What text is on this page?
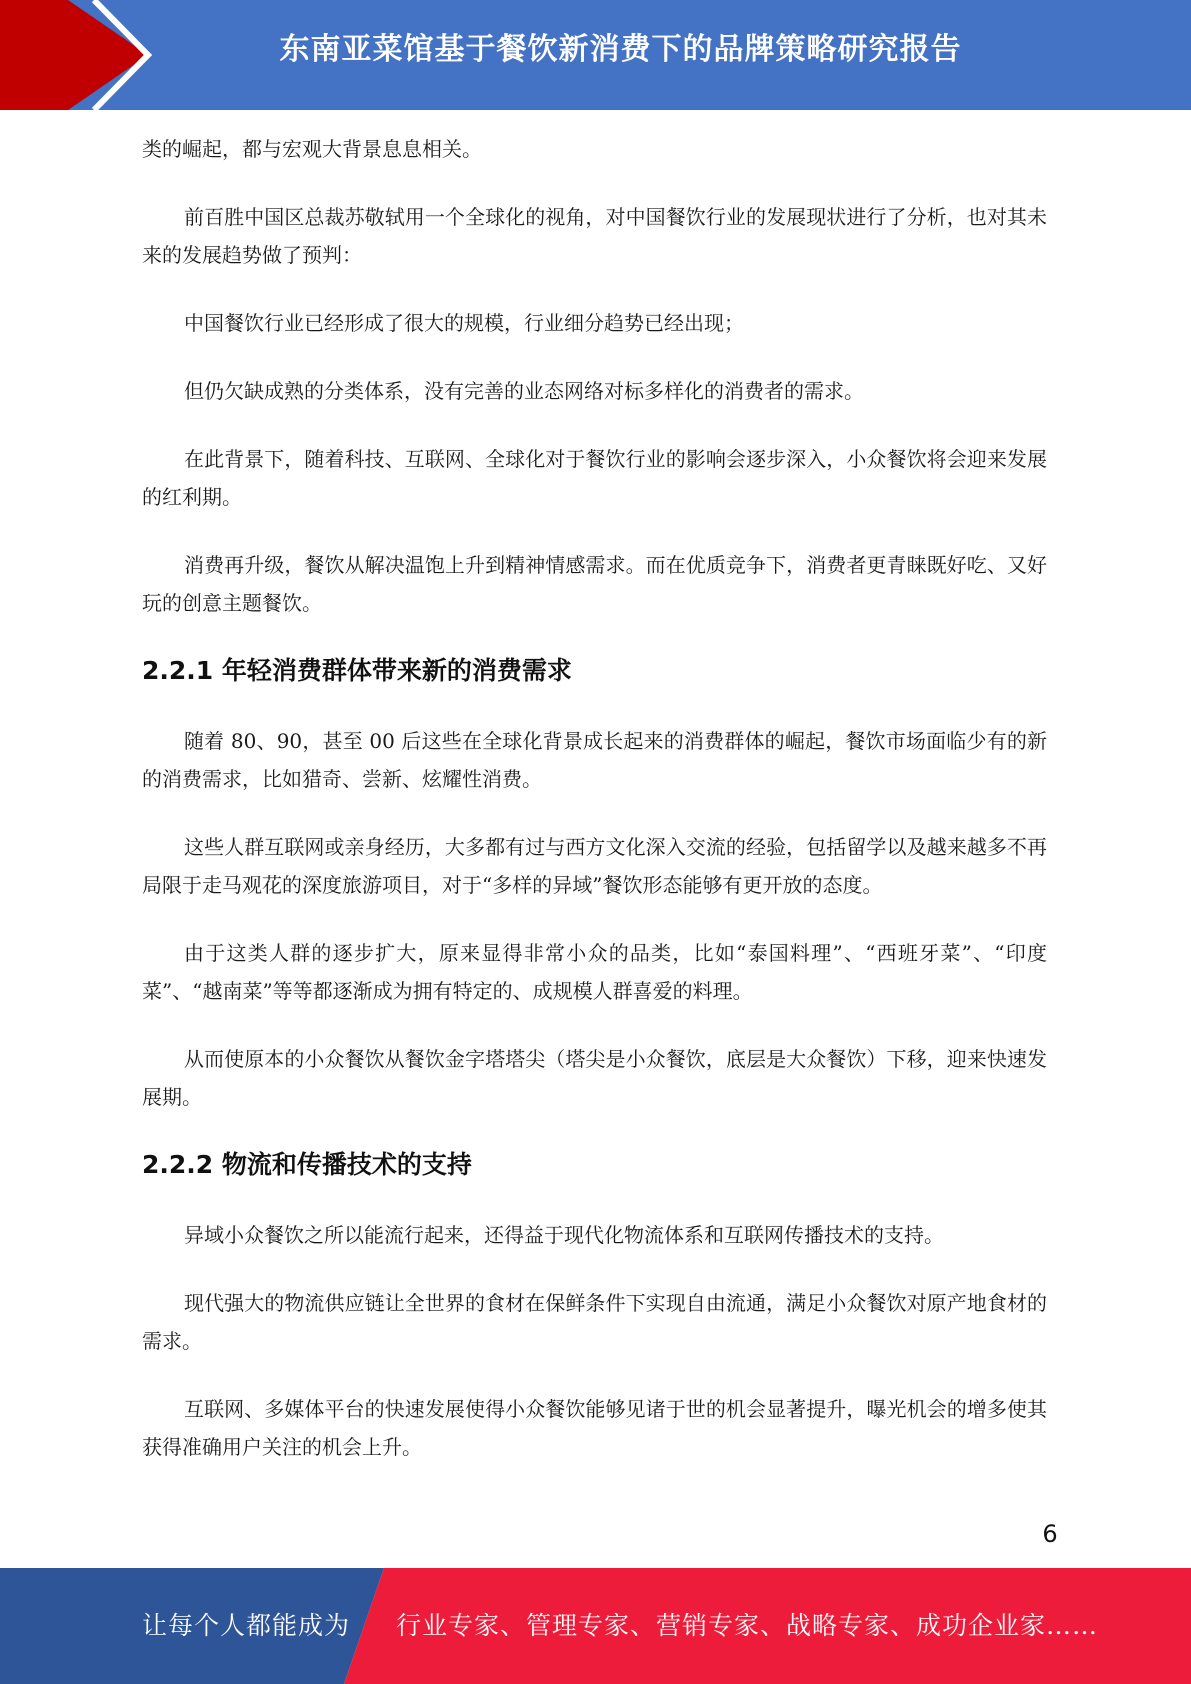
东南亚菜馆基于餐饮新消费下的品牌策略研究报告

类的崛起，都与宏观大背景息息相关。

前百胜中国区总裁苏敬轼用一个全球化的视角，对中国餐饮行业的发展现状进行了分析，也对其未来的发展趋势做了预判：

中国餐饮行业已经形成了很大的规模，行业细分趋势已经出现；

但仍欠缺成熟的分类体系，没有完善的业态网络对标多样化的消费者的需求。

在此背景下，随着科技、互联网、全球化对于餐饮行业的影响会逐步深入，小众餐饮将会迎来发展的红利期。

消费再升级，餐饮从解决温饱上升到精神情感需求。而在优质竞争下，消费者更青睐既好吃、又好玩的创意主题餐饮。

2.2.1 年轻消费群体带来新的消费需求

随着 80、90，甚至 00 后这些在全球化背景成长起来的消费群体的崛起，餐饮市场面临少有的新的消费需求，比如猎奇、尝新、炫耀性消费。

这些人群互联网或亲身经历，大多都有过与西方文化深入交流的经验，包括留学以及越来越多不再局限于走马观花的深度旅游项目，对于“多样的异域”餐饮形态能够有更开放的态度。

由于这类人群的逐步扩大，原来显得非常小众的品类，比如“泰国料理”、“西班牙菜”、“印度菜”、“越南菜”等等都逐渐成为拥有特定的、成规模人群喜爱的料理。

从而使原本的小众餐饮从餐饮金字塔塔尖（塔尖是小众餐饮，底层是大众餐饮）下移，迎来快速发展期。

2.2.2 物流和传播技术的支持

异域小众餐饮之所以能流行起来，还得益于现代化物流体系和互联网传播技术的支持。

现代强大的物流供应链让全世界的食材在保鲜条件下实现自由流通，满足小众餐饮对原产地食材的需求。

互联网、多媒体平台的快速发展使得小众餐饮能够见诸于世的机会显著提升，曝光机会的增多使其获得准确用户关注的机会上升。

6
让每个人都能成为 行业专家、管理专家、营销专家、战略专家、成功企业家……
